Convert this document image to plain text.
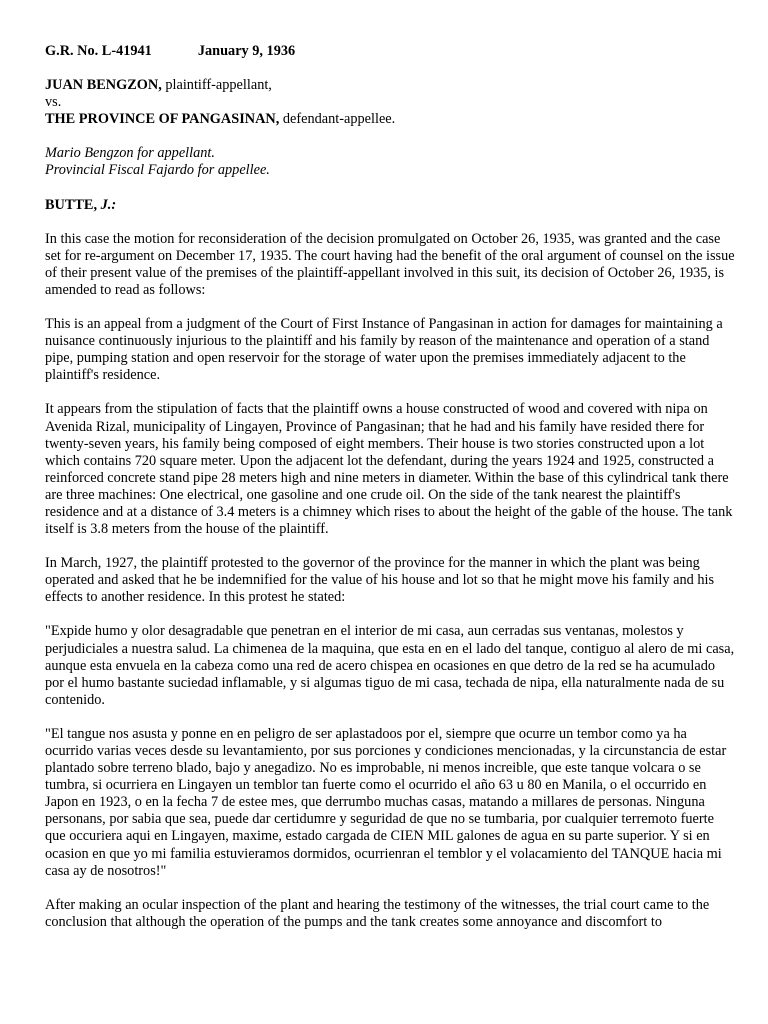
G.R. No. L-41941	January 9, 1936

JUAN BENGZON, plaintiff-appellant,
vs.
THE PROVINCE OF PANGASINAN, defendant-appellee.

Mario Bengzon for appellant.
Provincial Fiscal Fajardo for appellee.

BUTTE, J.:

In this case the motion for reconsideration of the decision promulgated on October 26, 1935, was granted and the case set for re-argument on December 17, 1935. The court having had the benefit of the oral argument of counsel on the issue of their present value of the premises of the plaintiff-appellant involved in this suit, its decision of October 26, 1935, is amended to read as follows:

This is an appeal from a judgment of the Court of First Instance of Pangasinan in action for damages for maintaining a nuisance continuously injurious to the plaintiff and his family by reason of the maintenance and operation of a stand pipe, pumping station and open reservoir for the storage of water upon the premises immediately adjacent to the plaintiff's residence.

It appears from the stipulation of facts that the plaintiff owns a house constructed of wood and covered with nipa on Avenida Rizal, municipality of Lingayen, Province of Pangasinan; that he had and his family have resided there for twenty-seven years, his family being composed of eight members. Their house is two stories constructed upon a lot which contains 720 square meter. Upon the adjacent lot the defendant, during the years 1924 and 1925, constructed a reinforced concrete stand pipe 28 meters high and nine meters in diameter. Within the base of this cylindrical tank there are three machines: One electrical, one gasoline and one crude oil. On the side of the tank nearest the plaintiff's residence and at a distance of 3.4 meters is a chimney which rises to about the height of the gable of the house. The tank itself is 3.8 meters from the house of the plaintiff.

In March, 1927, the plaintiff protested to the governor of the province for the manner in which the plant was being operated and asked that he be indemnified for the value of his house and lot so that he might move his family and his effects to another residence. In this protest he stated:

"Expide humo y olor desagradable que penetran en el interior de mi casa, aun cerradas sus ventanas, molestos y perjudiciales a nuestra salud. La chimenea de la maquina, que esta en en el lado del tanque, contiguo al alero de mi casa, aunque esta envuela en la cabeza como una red de acero chispea en ocasiones en que detro de la red se ha acumulado por el humo bastante suciedad inflamable, y si algumas tiguo de mi casa, techada de nipa, ella naturalmente nada de su contenido.

"El tangue nos asusta y ponne en en peligro de ser aplastadoos por el, siempre que ocurre un tembor como ya ha ocurrido varias veces desde su levantamiento, por sus porciones y condiciones mencionadas, y la circunstancia de estar plantado sobre terreno blado, bajo y anegadizo. No es improbable, ni menos increible, que este tanque volcara o se tumbra, si ocurriera en Lingayen un temblor tan fuerte como el ocurrido el año 63 u 80 en Manila, o el occurrido en Japon en 1923, o en la fecha 7 de estee mes, que derrumbo muchas casas, matando a millares de personas. Ninguna personans, por sabia que sea, puede dar certidumre y seguridad de que no se tumbaria, por cualquier terremoto fuerte que occuriera aqui en Lingayen, maxime, estado cargada de CIEN MIL galones de agua en su parte superior. Y si en ocasion en que yo mi familia estuvieramos dormidos, ocurrienran el temblor y el volacamiento del TANQUE hacia mi casa ay de nosotros!"

After making an ocular inspection of the plant and hearing the testimony of the witnesses, the trial court came to the conclusion that although the operation of the pumps and the tank creates some annoyance and discomfort to
